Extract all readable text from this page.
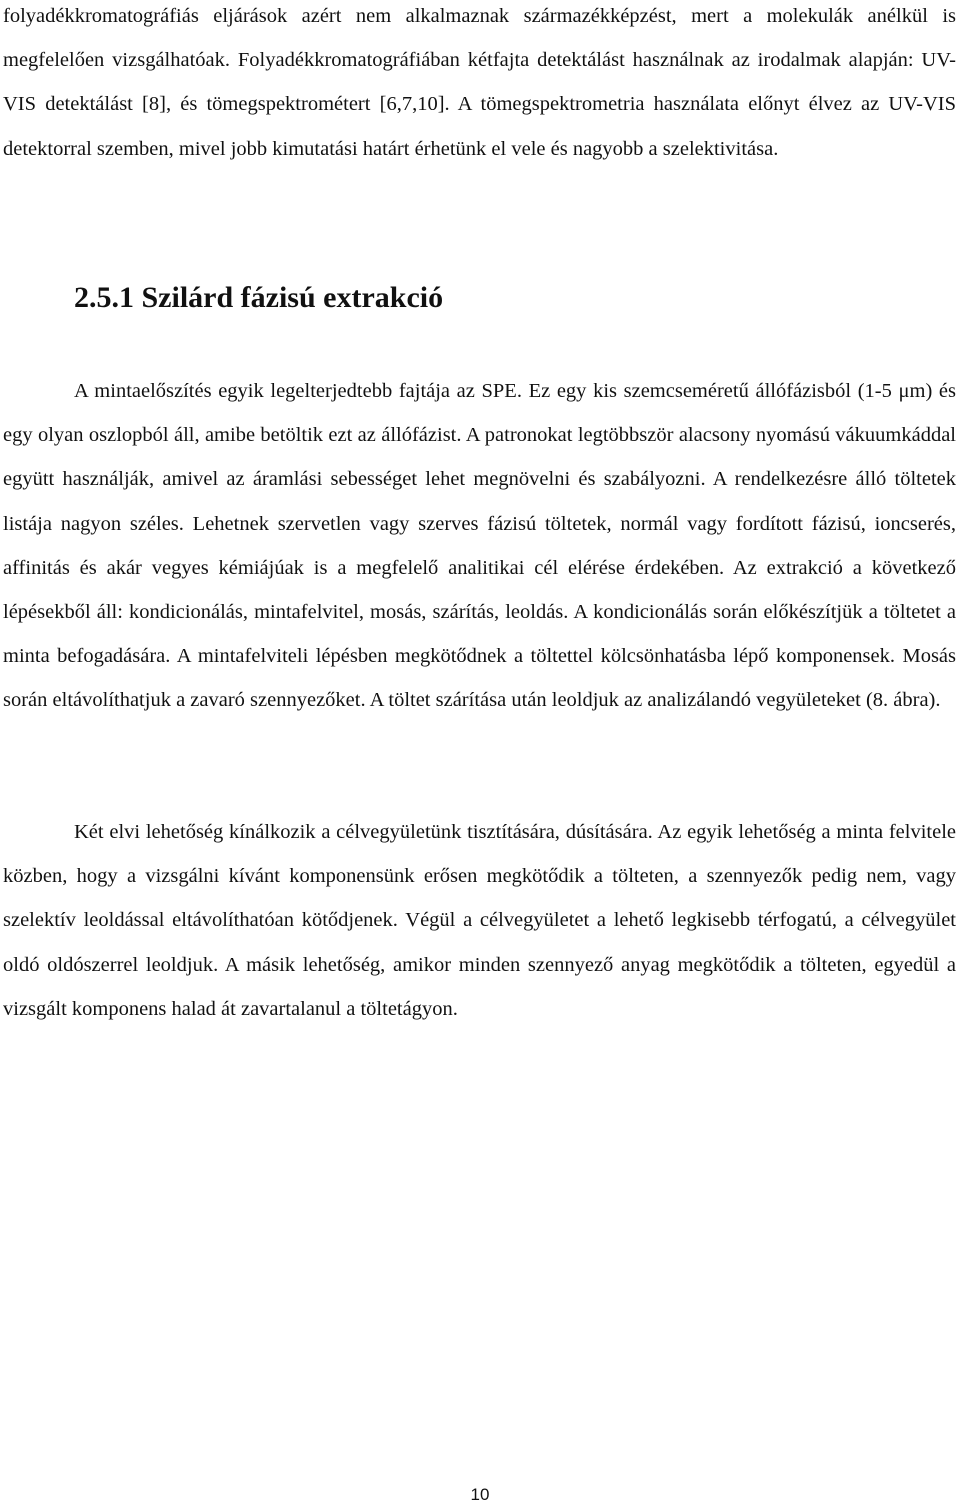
folyadékkromatográfiás eljárások azért nem alkalmaznak származékképzést, mert a molekulák anélkül is megfelelően vizsgálhatóak. Folyadékkromatográfiában kétfajta detektálást használnak az irodalmak alapján: UV-VIS detektálást [8], és tömegspektrométert [6,7,10]. A tömegspektrometria használata előnyt élvez az UV-VIS detektorral szemben, mivel jobb kimutatási határt érhetünk el vele és nagyobb a szelektivitása.

2.5.1 Szilárd fázisú extrakció

A mintaelőszítés egyik legelterjedtebb fajtája az SPE. Ez egy kis szemcseméretű állófázisból (1-5 μm) és egy olyan oszlopból áll, amibe betöltik ezt az állófázist. A patronokat legtöbbször alacsony nyomású vákuumkáddal együtt használják, amivel az áramlási sebességet lehet megnövelni és szabályozni. A rendelkezésre álló töltetek listája nagyon széles. Lehetnek szervetlen vagy szerves fázisú töltetek, normál vagy fordított fázisú, ioncserés, affinitás és akár vegyes kémiájúak is a megfelelő analitikai cél elérése érdekében. Az extrakció a következő lépésekből áll: kondicionálás, mintafelvitel, mosás, szárítás, leoldás. A kondicionálás során előkészítjük a töltetet a minta befogadására. A mintafelviteli lépésben megkötődnek a töltettel kölcsönhatásba lépő komponensek. Mosás során eltávolíthatjuk a zavaró szennyezőket. A töltet szárítása után leoldjuk az analizálandó vegyületeket (8. ábra).

Két elvi lehetőség kínálkozik a célvegyületünk tisztítására, dúsítására. Az egyik lehetőség a minta felvitele közben, hogy a vizsgálni kívánt komponensünk erősen megkötődik a tölteten, a szennyezők pedig nem, vagy szelektív leoldással eltávolíthatóan kötődjenek. Végül a célvegyületet a lehető legkisebb térfogatú, a célvegyület oldó oldószerrel leoldjuk. A másik lehetőség, amikor minden szennyező anyag megkötődik a tölteten, egyedül a vizsgált komponens halad át zavartalanul a töltetágyon.

10
